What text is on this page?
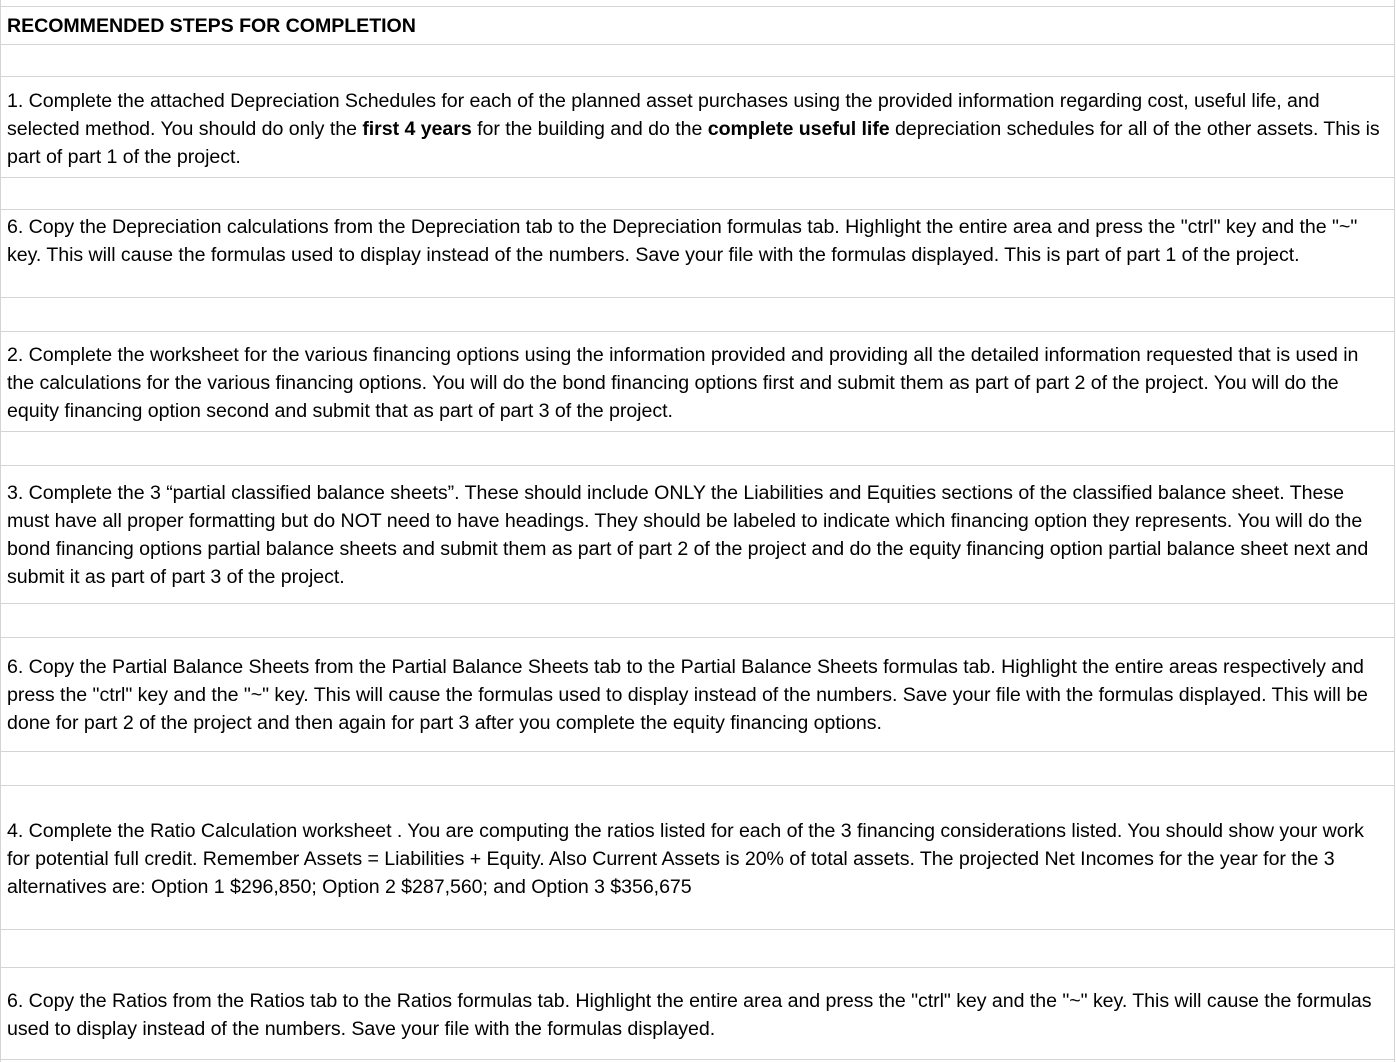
RECOMMENDED STEPS FOR COMPLETION
1. Complete the attached Depreciation Schedules for each of the planned asset purchases using the provided information regarding cost, useful life, and selected method. You should do only the first 4 years for the building and do the complete useful life depreciation schedules for all of the other assets. This is part of part 1 of the project.
6. Copy the Depreciation calculations from the Depreciation tab to the Depreciation formulas tab. Highlight the entire area and press the "ctrl" key and the "~" key. This will cause the formulas used to display instead of the numbers. Save your file with the formulas displayed. This is part of part 1 of the project.
2. Complete the worksheet for the various financing options using the information provided and providing all the detailed information requested that is used in the calculations for the various financing options. You will do the bond financing options first and submit them as part of part 2 of the project. You will do the equity financing option second and submit that as part of part 3 of the project.
3. Complete the 3 “partial classified balance sheets”. These should include ONLY the Liabilities and Equities sections of the classified balance sheet. These must have all proper formatting but do NOT need to have headings. They should be labeled to indicate which financing option they represents. You will do the bond financing options partial balance sheets and submit them as part of part 2 of the project and do the equity financing option partial balance sheet next and submit it as part of part 3 of the project.
6. Copy the Partial Balance Sheets from the Partial Balance Sheets tab to the Partial Balance Sheets formulas tab. Highlight the entire areas respectively and press the "ctrl" key and the "~" key. This will cause the formulas used to display instead of the numbers. Save your file with the formulas displayed. This will be done for part 2 of the project and then again for part 3 after you complete the equity financing options.
4. Complete the Ratio Calculation worksheet . You are computing the ratios listed for each of the 3 financing considerations listed. You should show your work for potential full credit. Remember Assets = Liabilities + Equity. Also Current Assets is 20% of total assets. The projected Net Incomes for the year for the 3 alternatives are: Option 1 $296,850; Option 2 $287,560; and Option 3 $356,675
6. Copy the Ratios from the Ratios tab to the Ratios formulas tab. Highlight the entire area and press the "ctrl" key and the "~" key. This will cause the formulas used to display instead of the numbers. Save your file with the formulas displayed.
